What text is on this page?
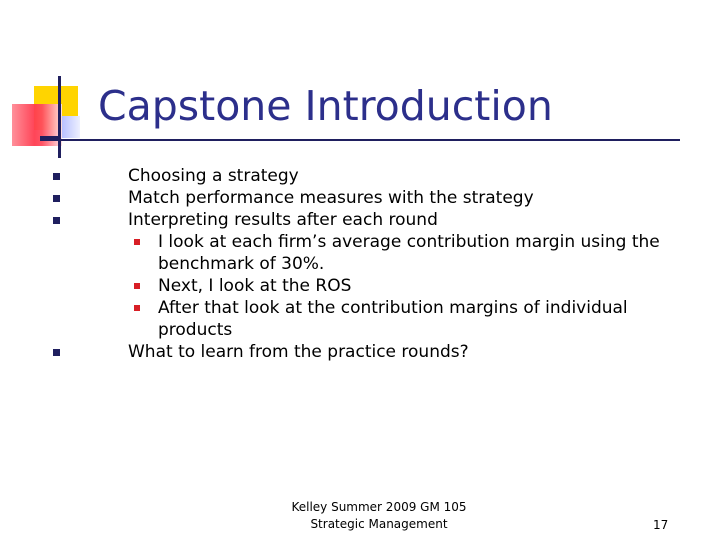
Capstone Introduction
Choosing a strategy
Match performance measures with the strategy
Interpreting results after each round
I look at each firm’s average contribution margin using the benchmark of 30%.
Next, I look at the ROS
After that look at the contribution margins of individual products
What to learn from the practice rounds?
Kelley Summer 2009 GM 105
Strategic Management	17
